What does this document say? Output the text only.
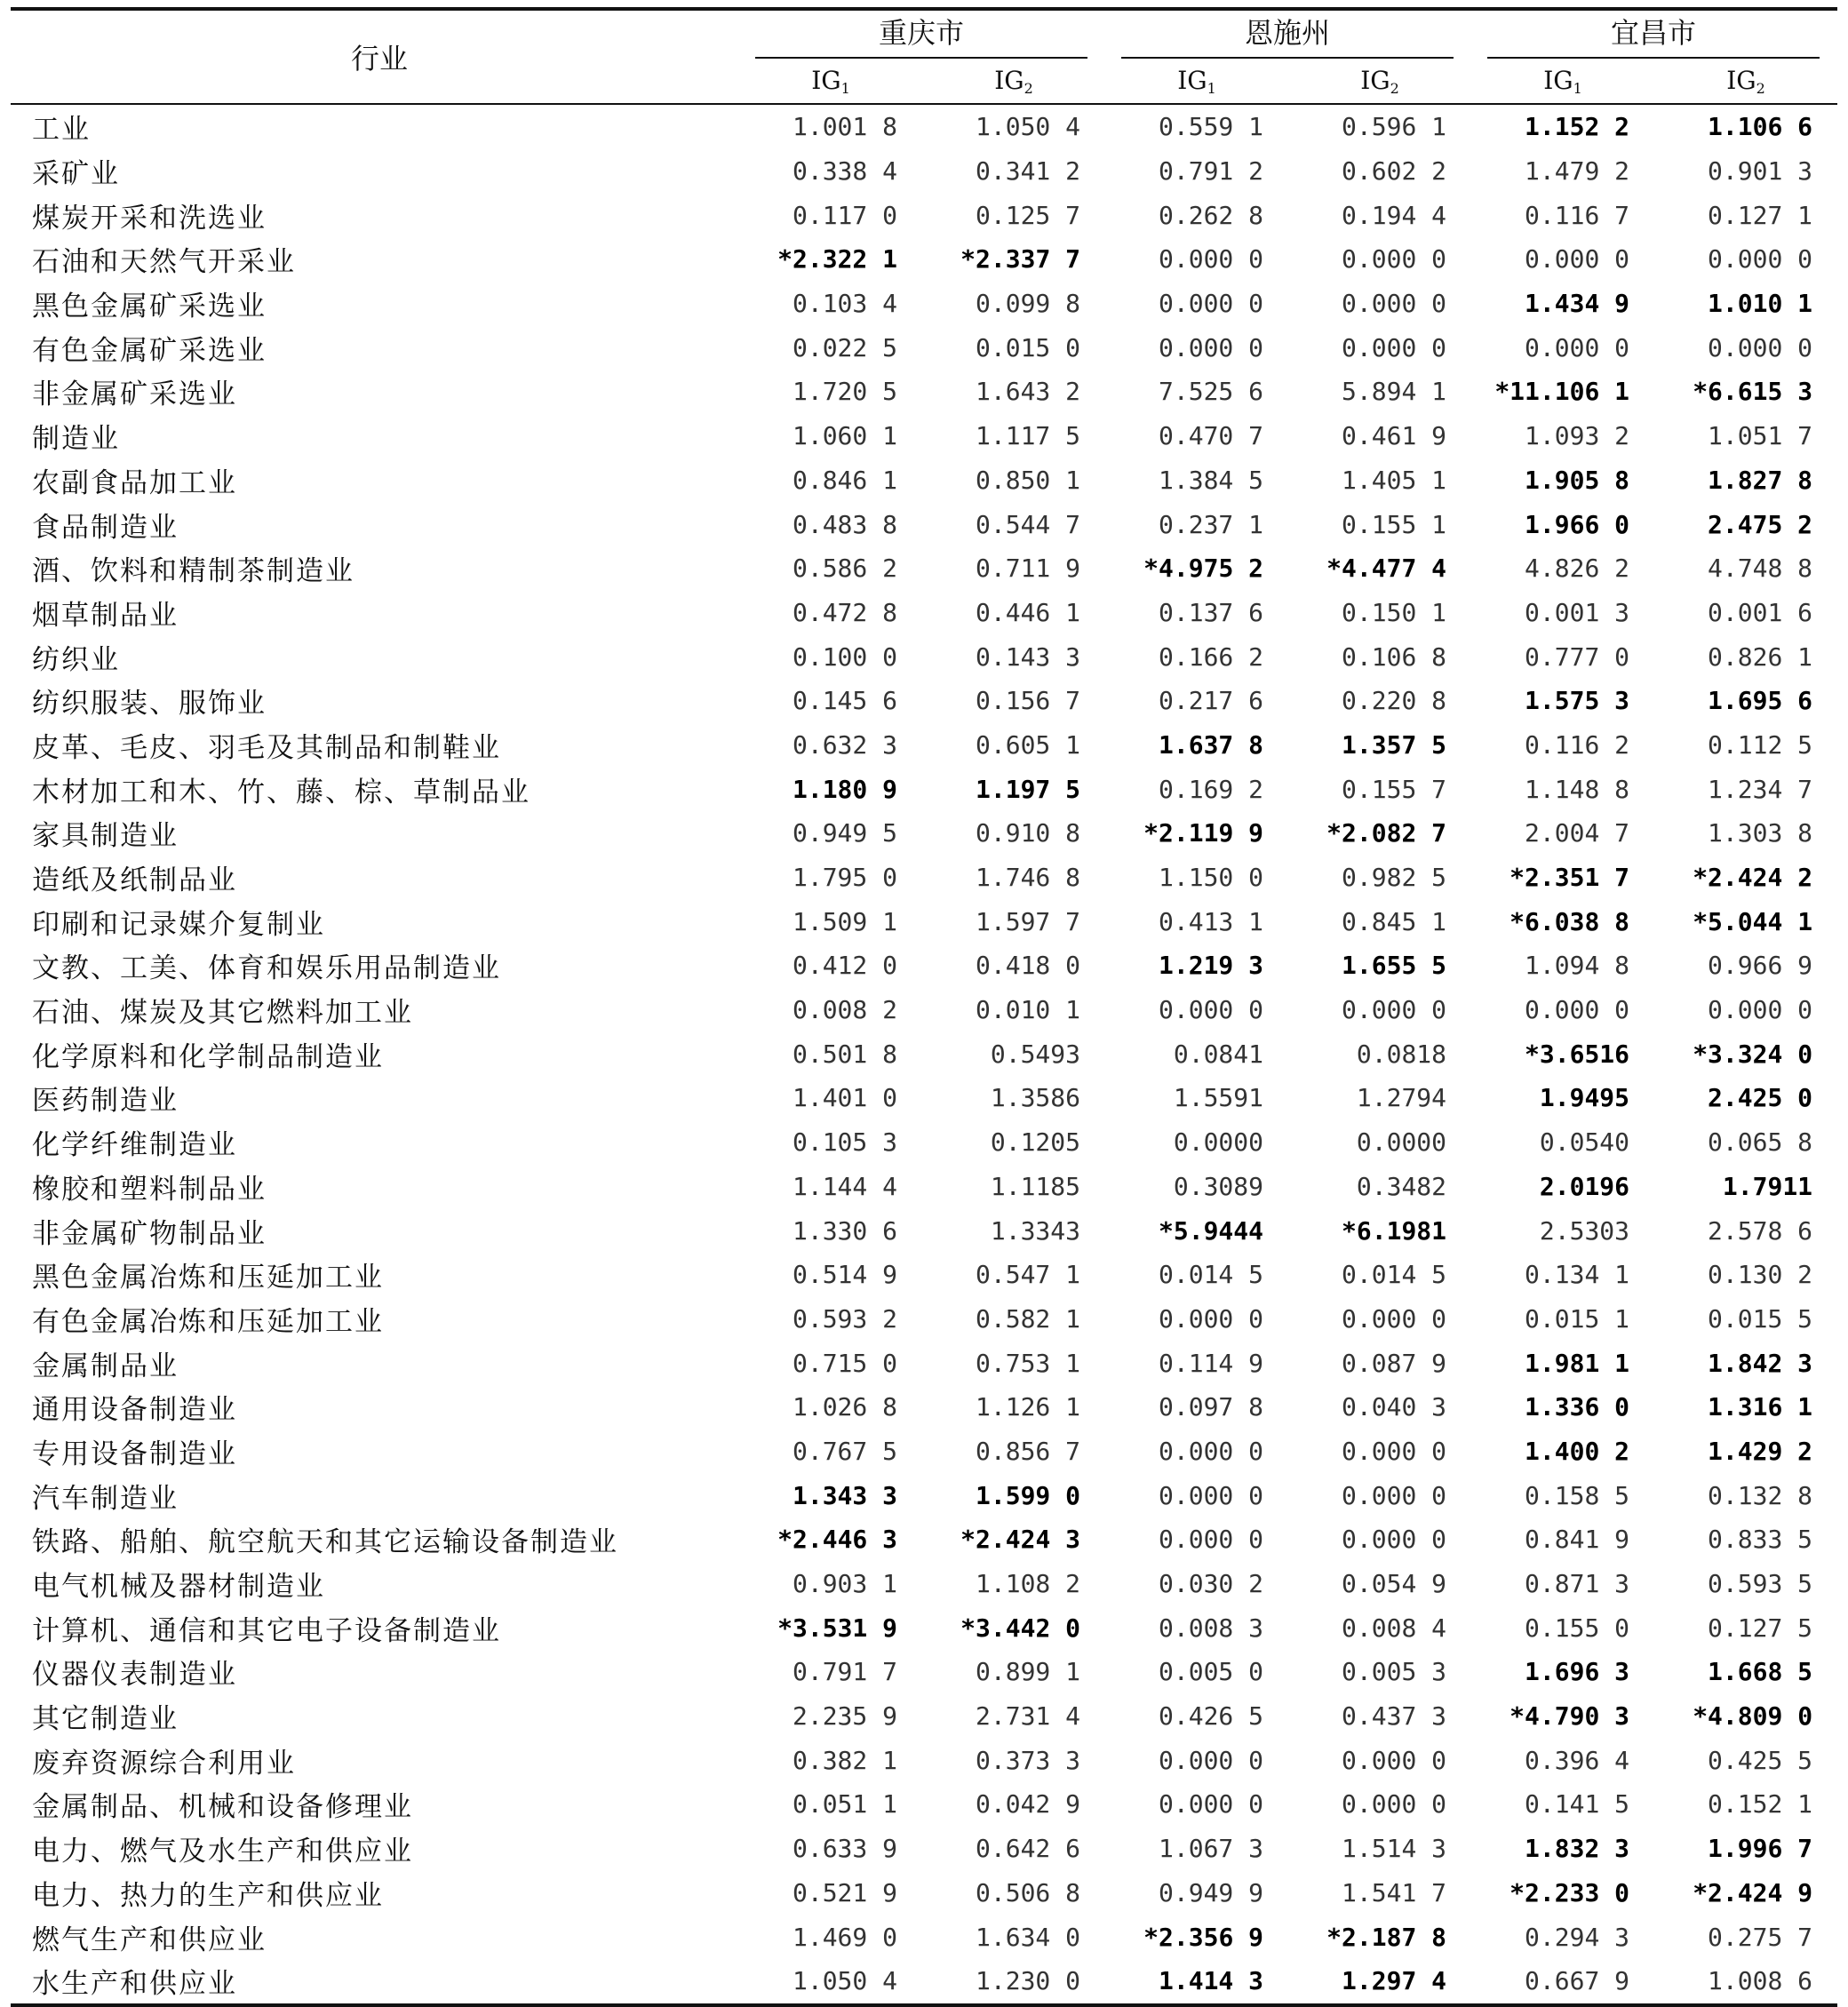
行业	重庆市		恩施州		宜昌市	

	$IG_1$	$IG_2$	$IG_1$	$IG_2$	$IG_1$	$IG_2$
工业	1.001 8	1.050 4	0.559 1	0.596 1	1.152 2	1.106 6
采矿业	0.338 4	0.341 2	0.791 2	0.602 2	1.479 2	0.901 3
煤炭开采和洗选业	0.117 0	0.125 7	0.262 8	0.194 4	0.116 7	0.127 1
石油和天然气开采业	*2.322 1	*2.337 7	0.000 0	0.000 0	0.000 0	0.000 0
黑色金属矿采选业	0.103 4	0.099 8	0.000 0	0.000 0	1.434 9	1.010 1
有色金属矿采选业	0.022 5	0.015 0	0.000 0	0.000 0	0.000 0	0.000 0
非金属矿采选业	1.720 5	1.643 2	7.525 6	5.894 1	*11.106 1	*6.615 3
制造业	1.060 1	1.117 5	0.470 7	0.461 9	1.093 2	1.051 7
农副食品加工业	0.846 1	0.850 1	1.384 5	1.405 1	1.905 8	1.827 8
食品制造业	0.483 8	0.544 7	0.237 1	0.155 1	1.966 0	2.475 2
酒、饮料和精制茶制造业	0.586 2	0.711 9	*4.975 2	*4.477 4	4.826 2	4.748 8
烟草制品业	0.472 8	0.446 1	0.137 6	0.150 1	0.001 3	0.001 6
纺织业	0.100 0	0.143 3	0.166 2	0.106 8	0.777 0	0.826 1
纺织服装、服饰业	0.145 6	0.156 7	0.217 6	0.220 8	1.575 3	1.695 6
皮革、毛皮、羽毛及其制品和制鞋业	0.632 3	0.605 1	1.637 8	1.357 5	0.116 2	0.112 5
木材加工和木、竹、藤、棕、草制品业	1.180 9	1.197 5	0.169 2	0.155 7	1.148 8	1.234 7
家具制造业	0.949 5	0.910 8	*2.119 9	*2.082 7	2.004 7	1.303 8
造纸及纸制品业	1.795 0	1.746 8	1.150 0	0.982 5	*2.351 7	*2.424 2
印刷和记录媒介复制业	1.509 1	1.597 7	0.413 1	0.845 1	*6.038 8	*5.044 1
文教、工美、体育和娱乐用品制造业	0.412 0	0.418 0	1.219 3	1.655 5	1.094 8	0.966 9
石油、煤炭及其它燃料加工业	0.008 2	0.010 1	0.000 0	0.000 0	0.000 0	0.000 0
化学原料和化学制品制造业	0.501 8	0.5493	0.0841	0.0818	*3.6516	*3.324 0
医药制造业	1.401 0	1.3586	1.5591	1.2794	1.9495	2.425 0
化学纤维制造业	0.105 3	0.1205	0.0000	0.0000	0.0540	0.065 8
橡胶和塑料制品业	1.144 4	1.1185	0.3089	0.3482	2.0196	1.7911
非金属矿物制品业	1.330 6	1.3343	*5.9444	*6.1981	2.5303	2.578 6
黑色金属冶炼和压延加工业	0.514 9	0.547 1	0.014 5	0.014 5	0.134 1	0.130 2
有色金属冶炼和压延加工业	0.593 2	0.582 1	0.000 0	0.000 0	0.015 1	0.015 5
金属制品业	0.715 0	0.753 1	0.114 9	0.087 9	1.981 1	1.842 3
通用设备制造业	1.026 8	1.126 1	0.097 8	0.040 3	1.336 0	1.316 1
专用设备制造业	0.767 5	0.856 7	0.000 0	0.000 0	1.400 2	1.429 2
汽车制造业	1.343 3	1.599 0	0.000 0	0.000 0	0.158 5	0.132 8
铁路、船舶、航空航天和其它运输设备制造业	*2.446 3	*2.424 3	0.000 0	0.000 0	0.841 9	0.833 5
电气机械及器材制造业	0.903 1	1.108 2	0.030 2	0.054 9	0.871 3	0.593 5
计算机、通信和其它电子设备制造业	*3.531 9	*3.442 0	0.008 3	0.008 4	0.155 0	0.127 5
仪器仪表制造业	0.791 7	0.899 1	0.005 0	0.005 3	1.696 3	1.668 5
其它制造业	2.235 9	2.731 4	0.426 5	0.437 3	*4.790 3	*4.809 0
废弃资源综合利用业	0.382 1	0.373 3	0.000 0	0.000 0	0.396 4	0.425 5
金属制品、机械和设备修理业	0.051 1	0.042 9	0.000 0	0.000 0	0.141 5	0.152 1
电力、燃气及水生产和供应业	0.633 9	0.642 6	1.067 3	1.514 3	1.832 3	1.996 7
电力、热力的生产和供应业	0.521 9	0.506 8	0.949 9	1.541 7	*2.233 0	*2.424 9
燃气生产和供应业	1.469 0	1.634 0	*2.356 9	*2.187 8	0.294 3	0.275 7
水生产和供应业	1.050 4	1.230 0	1.414 3	1.297 4	0.667 9	1.008 6
